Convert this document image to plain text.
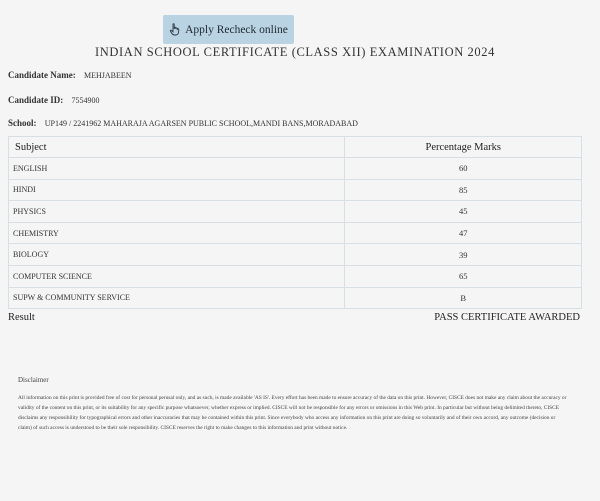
Apply Recheck online
INDIAN SCHOOL CERTIFICATE (CLASS XII) EXAMINATION 2024
Candidate Name: MEHJABEEN
Candidate ID: 7554900
School: UP149 / 2241962 MAHARAJA AGARSEN PUBLIC SCHOOL,MANDI BANS,MORADABAD
Subject	Percentage Marks
ENGLISH	60
HINDI	85
PHYSICS	45
CHEMISTRY	47
BIOLOGY	39
COMPUTER SCIENCE	65
SUPW & COMMUNITY SERVICE	B
Result	PASS CERTIFICATE AWARDED
Disclaimer
All information on this print is provided free of cost for personal perusal only, and as such, is made available 'AS IS'. Every effort has been made to ensure accuracy of the data on this print. However, CISCE does not make any claim about the accuracy or validity of the content on this print, or its suitability for any specific purpose whatsoever, whether express or implied. CISCE will not be responsible for any errors or omissions in this Web print. In particular but without being delimited thereto, CISCE disclaims any responsibility for typographical errors and other inaccuracies that may be contained within this print. Since everybody who access any information on this print are doing so voluntarily and of their own accord, any outcome (decision or claim) of such access is understood to be their sole responsibility. CISCE reserves the right to make changes to this information and print without notice.
